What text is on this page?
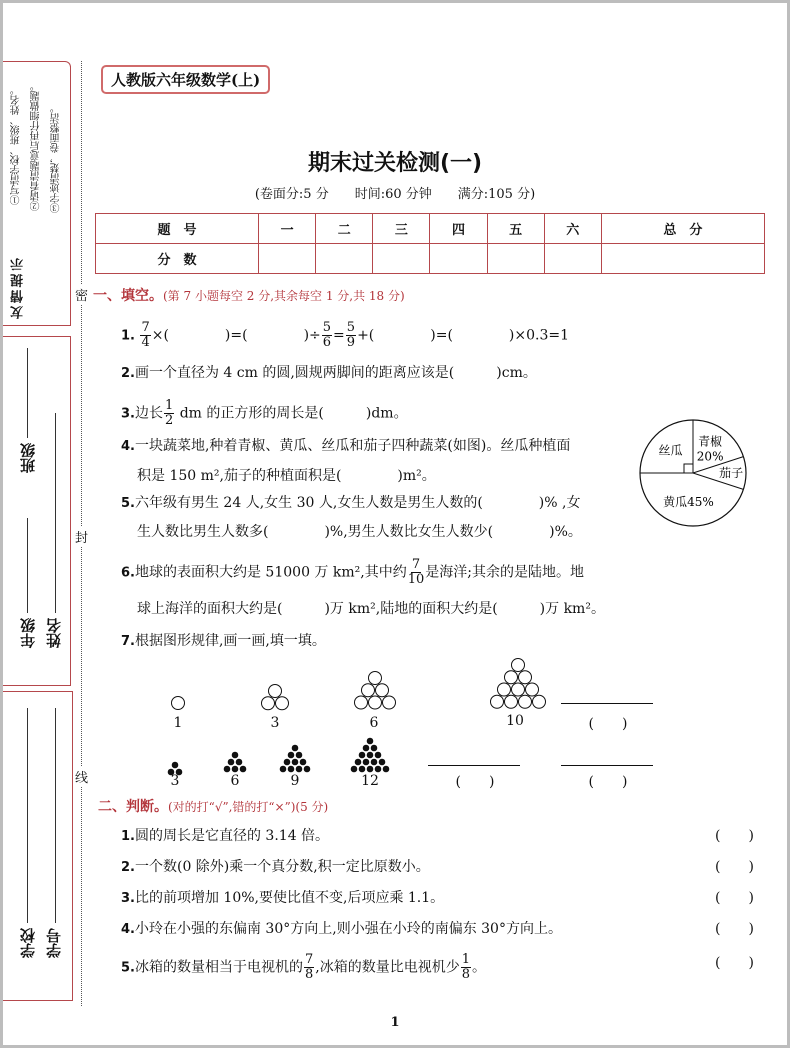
友情提示
①写清学校、班级、姓名。 ②请看清题意后再仔细做题。 ③字迹清楚，卷面整洁。
班级
年级 姓名
学校 学号
密
封
线
人教版六年级数学(上)
期末过关检测(一)
(卷面分:5 分　　时间:60 分钟　　满分:105 分)
题　号	一	二	三	四	五	六	总　分
分　数							
一、填空。(第 7 小题每空 2 分,其余每空 1 分,共 18 分)
1. $\frac{7}{4}$ ×(　　　　)=(　　　　)÷ $\frac{5}{6} = \frac{5}{9}$ +(　　　　)=(　　　　)×0.3=1
2.画一个直径为 4 cm 的圆,圆规两脚间的距离应该是(　　　)cm。
3.边长 $\frac{1}{2}$ dm 的正方形的周长是(　　　)dm。
4.一块蔬菜地,种着青椒、黄瓜、丝瓜和茄子四种蔬菜(如图)。丝瓜种植面
积是 150 m²,茄子的种植面积是(　　　　)m²。
5.六年级有男生 24 人,女生 30 人,女生人数是男生人数的(　　　　)% ,女
生人数比男生人数多(　　　　)%,男生人数比女生人数少(　　　　)%。
6.地球的表面积大约是 51000 万 km²,其中约 $\frac{7}{10}$ 是海洋;其余的是陆地。地
球上海洋的面积大约是(　　　)万 km²,陆地的面积大约是(　　　)万 km²。
7.根据图形规律,画一画,填一填。
青椒
20%
茄子
黄瓜45%
丝瓜
1	3	6	10
3	6	9	12
(　　)
(　　)	(　　)
二、判断。(对的打“√”,错的打“×”)(5 分)
1.圆的周长是它直径的 3.14 倍。	(　　)
2.一个数(0 除外)乘一个真分数,积一定比原数小。	(　　)
3.比的前项增加 10%,要使比值不变,后项应乘 1.1。	(　　)
4.小玲在小强的东偏南 30°方向上,则小强在小玲的南偏东 30°方向上。	(　　)
5.冰箱的数量相当于电视机的 $\frac{7}{8}$ ,冰箱的数量比电视机少 $\frac{1}{8}$ 。	(　　)
1
